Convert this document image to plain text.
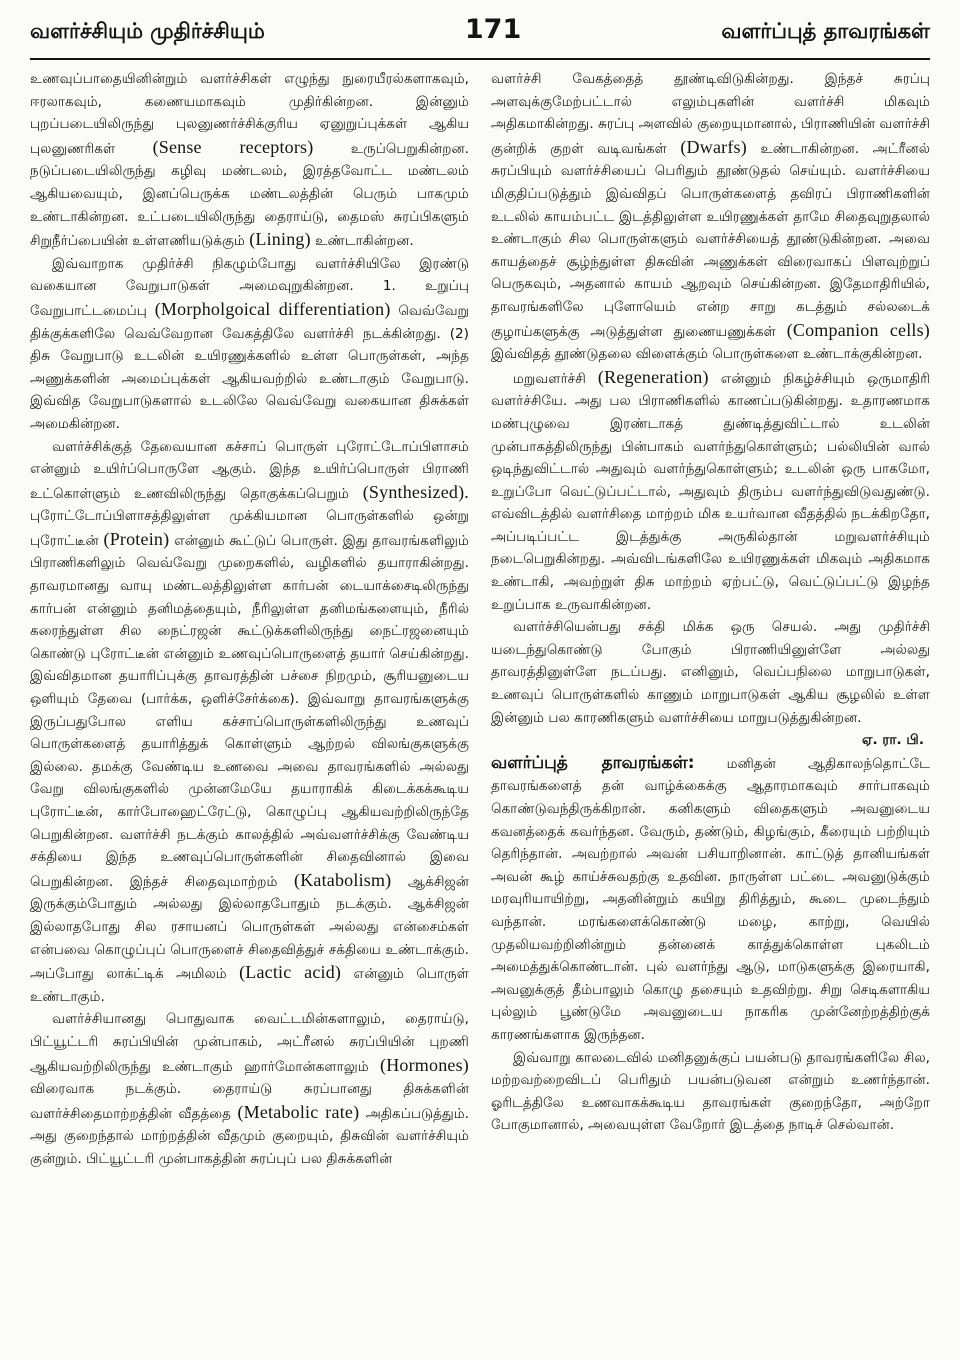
வளர்ச்சியும் முதிர்ச்சியும்	171	வளர்ப்புத் தாவரங்கள்

உணவுப்பாதையினின்றும் வளர்ச்சிகள் எழுந்து நுரையீரல்களாகவும், ஈரலாகவும், கணையமாகவும் முதிர்கின்றன. இன்னும் புறப்படையிலிருந்து புலனுணர்ச்சிக்குரிய ஏனுறுப்புக்கள் ஆகிய புலனுணரிகள் (Sense receptors) உருப்பெறுகின்றன. நடுப்படையிலிருந்து கழிவு மண்டலம், இரத்தவோட்ட மண்டலம் ஆகியவையும், இனப்பெருக்க மண்டலத்தின் பெரும் பாகமும் உண்டாகின்றன. உட்படையிலிருந்து தைராய்டு, தைமஸ் சுரப்பிகளும் சிறுநீர்ப்பையின் உள்ளணியடுக்கும் (Lining) உண்டாகின்றன.

இவ்வாறாக முதிர்ச்சி நிகழும்போது வளர்ச்சியிலே இரண்டு வகையான வேறுபாடுகள் அமைவுறுகின்றன. 1. உறுப்பு வேறுபாட்டமைப்பு (Morpholgoical differentiation) வெவ்வேறு திக்குக்களிலே வெவ்வேறான வேகத்திலே வளர்ச்சி நடக்கின்றது. (2) திசு வேறுபாடு உடலின் உயிரணுக்களில் உள்ள பொருள்கள், அந்த அணுக்களின் அமைப்புக்கள் ஆகியவற்றில் உண்டாகும் வேறுபாடு. இவ்வித வேறுபாடுகளால் உடலிலே வெவ்வேறு வகையான திசுக்கள் அமைகின்றன.

வளர்ச்சிக்குத் தேவையான கச்சாப் பொருள் புரோட்டோப்பிளாசம் என்னும் உயிர்ப்பொருளே ஆகும். இந்த உயிர்ப்பொருள் பிராணி உட்கொள்ளும் உணவிலிருந்து தொகுக்கப்பெறும் (Synthesized). புரோட்டோப்பிளாசத்திலுள்ள முக்கியமான பொருள்களில் ஒன்று புரோட்டீன் (Protein) என்னும் கூட்டுப் பொருள். இது தாவரங்களிலும் பிராணிகளிலும் வெவ்வேறு முறைகளில், வழிகளில் தயாராகின்றது. தாவரமானது வாயு மண்டலத்திலுள்ள கார்பன் டையாக்சைடிலிருந்து கார்பன் என்னும் தனிமத்தையும், நீரிலுள்ள தனிமங்களையும், நீரில் கரைந்துள்ள சில நைட்ரஜன் கூட்டுக்களிலிருந்து நைட்ரஜனையும் கொண்டு புரோட்டீன் என்னும் உணவுப்பொருளைத் தயார் செய்கின்றது. இவ்விதமான தயாரிப்புக்கு தாவரத்தின் பச்சை நிறமும், சூரியனுடைய ஒளியும் தேவை (பார்க்க, ஒளிச்சேர்க்கை). இவ்வாறு தாவரங்களுக்கு இருப்பதுபோல எளிய கச்சாப்பொருள்களிலிருந்து உணவுப் பொருள்களைத் தயாரித்துக் கொள்ளும் ஆற்றல் விலங்குகளுக்கு இல்லை. தமக்கு வேண்டிய உணவை அவை தாவரங்களில் அல்லது வேறு விலங்குகளில் முன்னமேயே தயாராகிக் கிடைக்கக்கூடிய புரோட்டீன், கார்போஹைட்ரேட்டு, கொழுப்பு ஆகியவற்றிலிருந்தே பெறுகின்றன. வளர்ச்சி நடக்கும் காலத்தில் அவ்வளர்ச்சிக்கு வேண்டிய சக்தியை இந்த உணவுப்பொருள்களின் சிதைவினால் இவை பெறுகின்றன. இந்தச் சிதைவுமாற்றம் (Katabolism) ஆக்சிஜன் இருக்கும்போதும் அல்லது இல்லாதபோதும் நடக்கும். ஆக்சிஜன் இல்லாதபோது சில ரசாயனப் பொருள்கள் அல்லது என்சைம்கள் என்பவை கொழுப்புப் பொருளைச் சிதைவித்துச் சக்தியை உண்டாக்கும். அப்போது லாக்ட்டிக் அமிலம் (Lactic acid) என்னும் பொருள் உண்டாகும்.

வளர்ச்சியானது பொதுவாக வைட்டமின்களாலும், தைராய்டு, பிட்யூட்டரி சுரப்பியின் முன்பாகம், அட்ரீனல் சுரப்பியின் புறணி ஆகியவற்றிலிருந்து உண்டாகும் ஹார்மோன்களாலும் (Hormones) விரைவாக நடக்கும். தைராய்டு சுரப்பானது திசுக்களின் வளர்ச்சிதைமாற்றத்தின் வீதத்தை (Metabolic rate) அதிகப்படுத்தும். அது குறைந்தால் மாற்றத்தின் வீதமும் குறையும், திசுவின் வளர்ச்சியும் குன்றும். பிட்யூட்டரி முன்பாகத்தின் சுரப்புப் பல திசுக்களின்

வளர்ச்சி வேகத்தைத் தூண்டிவிடுகின்றது. இந்தச் சுரப்பு அளவுக்குமேற்பட்டால் எலும்புகளின் வளர்ச்சி மிகவும் அதிகமாகின்றது. சுரப்பு அளவில் குறையுமானால், பிராணியின் வளர்ச்சி குன்றிக் குறள் வடிவங்கள் (Dwarfs) உண்டாகின்றன. அட்ரீனல் சுரப்பியும் வளர்ச்சியைப் பெரிதும் தூண்டுதல் செய்யும். வளர்ச்சியை மிகுதிப்படுத்தும் இவ்விதப் பொருள்களைத் தவிரப் பிராணிகளின் உடலில் காயம்பட்ட இடத்திலுள்ள உயிரணுக்கள் தாமே சிதைவுறுதலால் உண்டாகும் சில பொருள்களும் வளர்ச்சியைத் தூண்டுகின்றன. அவை காயத்தைச் சூழ்ந்துள்ள திசுவின் அணுக்கள் விரைவாகப் பிளவுற்றுப் பெருகவும், அதனால் காயம் ஆறவும் செய்கின்றன. இதேமாதிரியில், தாவரங்களிலே புளோயெம் என்ற சாறு கடத்தும் சல்லடைக் குழாய்களுக்கு அடுத்துள்ள துணையணுக்கள் (Companion cells) இவ்விதத் தூண்டுதலை விளைக்கும் பொருள்களை உண்டாக்குகின்றன.

மறுவளர்ச்சி (Regeneration) என்னும் நிகழ்ச்சியும் ஒருமாதிரி வளர்ச்சியே. அது பல பிராணிகளில் காணப்படுகின்றது. உதாரணமாக மண்புழுவை இரண்டாகத் துண்டித்துவிட்டால் உடலின் முன்பாகத்திலிருந்து பின்பாகம் வளர்ந்துகொள்ளும்; பல்லியின் வால் ஒடிந்துவிட்டால் அதுவும் வளர்ந்துகொள்ளும்; உடலின் ஒரு பாகமோ, உறுப்போ வெட்டுப்பட்டால், அதுவும் திரும்ப வளர்ந்துவிடுவதுண்டு. எவ்விடத்தில் வளர்சிதை மாற்றம் மிக உயர்வான வீதத்தில் நடக்கிறதோ, அப்படிப்பட்ட இடத்துக்கு அருகில்தான் மறுவளர்ச்சியும் நடைபெறுகின்றது. அவ்விடங்களிலே உயிரணுக்கள் மிகவும் அதிகமாக உண்டாகி, அவற்றுள் திசு மாற்றம் ஏற்பட்டு, வெட்டுப்பட்டு இழந்த உறுப்பாக உருவாகின்றன.

வளர்ச்சியென்பது சக்தி மிக்க ஒரு செயல். அது முதிர்ச்சி யடைந்துகொண்டு போகும் பிராணியினுள்ளே அல்லது தாவரத்தினுள்ளே நடப்பது. எனினும், வெப்பநிலை மாறுபாடுகள், உணவுப் பொருள்களில் காணும் மாறுபாடுகள் ஆகிய சூழலில் உள்ள இன்னும் பல காரணிகளும் வளர்ச்சியை மாறுபடுத்துகின்றன.

ஏ. ரா. பி.

வளர்ப்புத் தாவரங்கள்: மனிதன் ஆதிகாலந்தொட்டே தாவரங்களைத் தன் வாழ்க்கைக்கு ஆதாரமாகவும் சார்பாகவும் கொண்டுவந்திருக்கிறான். கனிகளும் விதைகளும் அவனுடைய கவனத்தைக் கவர்ந்தன. வேரும், தண்டும், கிழங்கும், கீரையும் பற்றியும் தெரிந்தான். அவற்றால் அவன் பசியாறினான். காட்டுத் தானியங்கள் அவன் கூழ் காய்ச்சுவதற்கு உதவின. நாருள்ள பட்டை அவனுடுக்கும் மரவுரியாயிற்று, அதனின்றும் கயிறு திரித்தும், கூடை முடைந்தும் வந்தான். மரங்களைக்கொண்டு மழை, காற்று, வெயில் முதலியவற்றினின்றும் தன்னைக் காத்துக்கொள்ள புகலிடம் அமைத்துக்கொண்டான். புல் வளர்ந்து ஆடு, மாடுகளுக்கு இரையாகி, அவனுக்குத் தீம்பாலும் கொழு தசையும் உதவிற்று. சிறு செடிகளாகிய புல்லும் பூண்டுமே அவனுடைய நாகரிக முன்னேற்றத்திற்குக் காரணங்களாக இருந்தன.

இவ்வாறு காலடைவில் மனிதனுக்குப் பயன்படு தாவரங்களிலே சில, மற்றவற்றைவிடப் பெரிதும் பயன்படுவன என்றும் உணர்ந்தான். ஓரிடத்திலே உணவாகக்கூடிய தாவரங்கள் குறைந்தோ, அற்றோ போகுமானால், அவையுள்ள வேறோர் இடத்தை நாடிச் செல்வான்.
